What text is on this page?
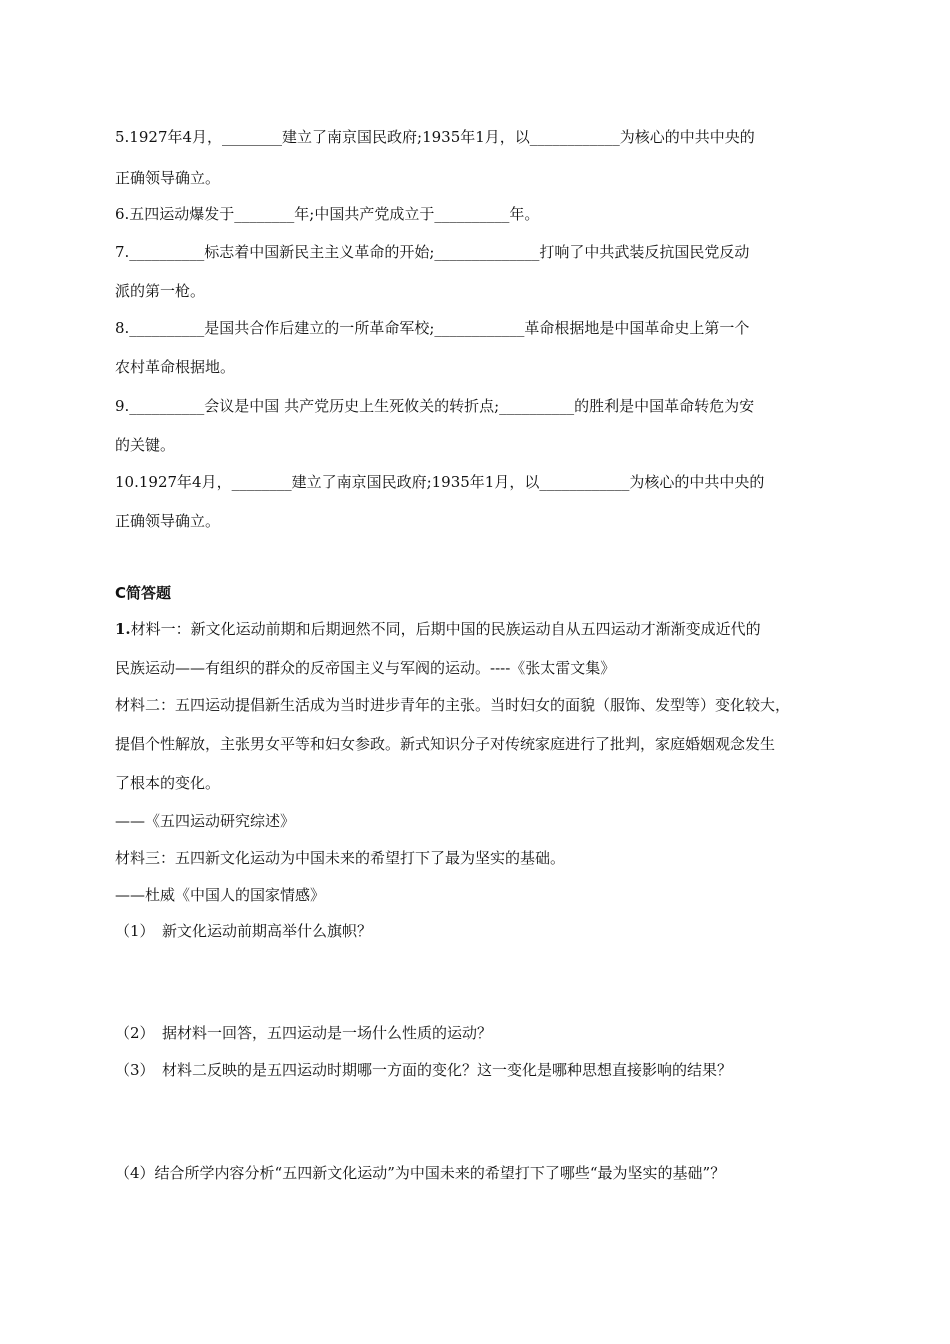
5.1927年4月，________建立了南京国民政府;1935年1月，以____________为核心的中共中央的
正确领导确立。
6.五四运动爆发于________年;中国共产党成立于__________年。
7.__________标志着中国新民主主义革命的开始;______________打响了中共武装反抗国民党反动
派的第一枪。
8.__________是国共合作后建立的一所革命军校;____________革命根据地是中国革命史上第一个
农村革命根据地。
9.__________会议是中国 共产党历史上生死攸关的转折点;__________的胜利是中国革命转危为安
的关键。
10.1927年4月，________建立了南京国民政府;1935年1月，以____________为核心的中共中央的
正确领导确立。
C简答题
1.材料一：新文化运动前期和后期迥然不同，后期中国的民族运动自从五四运动才渐渐变成近代的
民族运动——有组织的群众的反帝国主义与军阀的运动。----《张太雷文集》
材料二：五四运动提倡新生活成为当时进步青年的主张。当时妇女的面貌（服饰、发型等）变化较大，
提倡个性解放，主张男女平等和妇女参政。新式知识分子对传统家庭进行了批判，家庭婚姻观念发生
了根本的变化。
——《五四运动研究综述》
材料三：五四新文化运动为中国未来的希望打下了最为坚实的基础。
——杜威《中国人的国家情感》
（1）　新文化运动前期高举什么旗帜？
（2）　据材料一回答，五四运动是一场什么性质的运动？
（3）　材料二反映的是五四运动时期哪一方面的变化？这一变化是哪种思想直接影响的结果？
（4）结合所学内容分析“五四新文化运动”为中国未来的希望打下了哪些“最为坚实的基础”？
